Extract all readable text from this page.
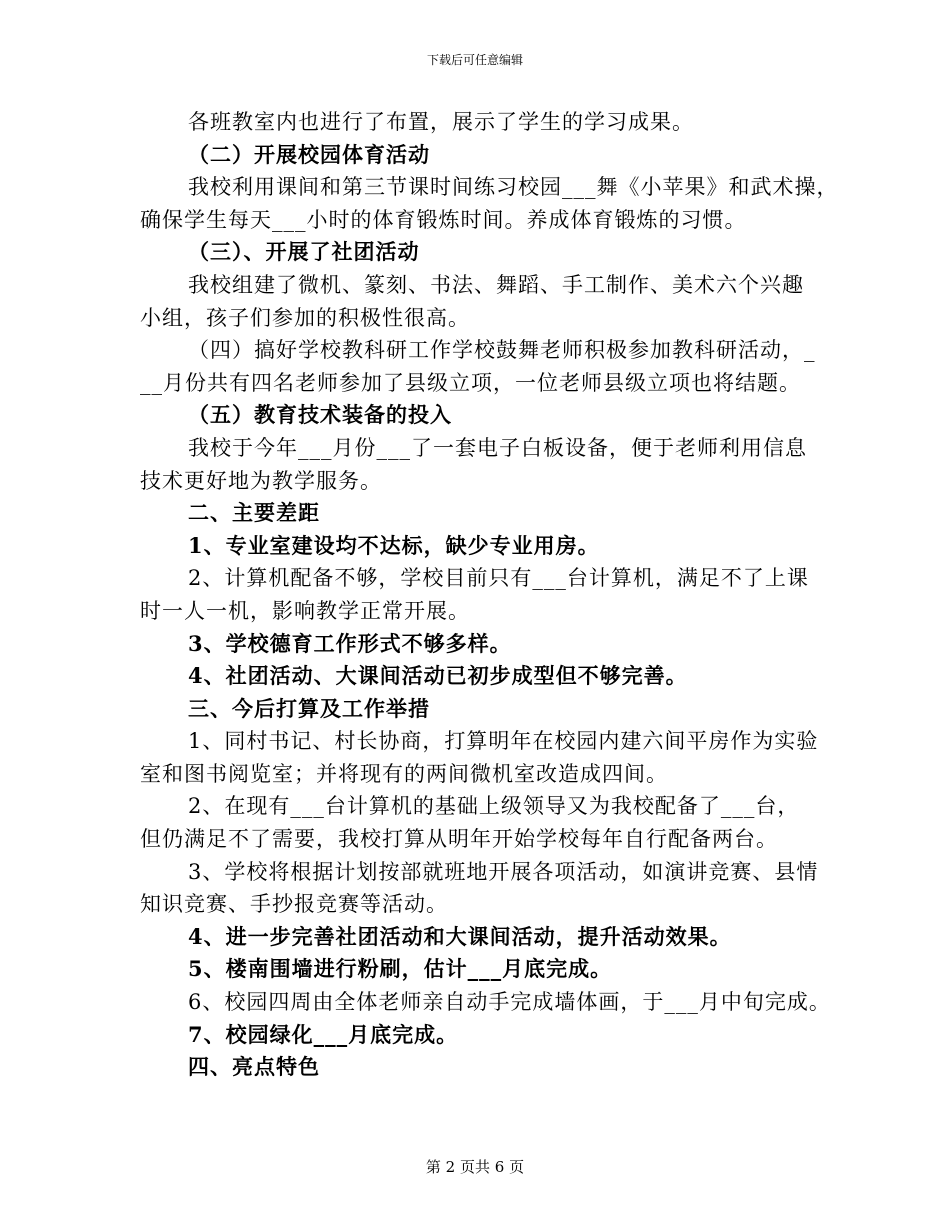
下载后可任意编辑
各班教室内也进行了布置，展示了学生的学习成果。
（二）开展校园体育活动
我校利用课间和第三节课时间练习校园___舞《小苹果》和武术操，
确保学生每天___小时的体育锻炼时间。养成体育锻炼的习惯。
（三）、开展了社团活动
我校组建了微机、篆刻、书法、舞蹈、手工制作、美术六个兴趣
小组，孩子们参加的积极性很高。
（四）搞好学校教科研工作学校鼓舞老师积极参加教科研活动，_
__月份共有四名老师参加了县级立项，一位老师县级立项也将结题。
（五）教育技术装备的投入
我校于今年___月份___了一套电子白板设备，便于老师利用信息
技术更好地为教学服务。
二、主要差距
1、专业室建设均不达标，缺少专业用房。
2、计算机配备不够，学校目前只有___台计算机，满足不了上课
时一人一机，影响教学正常开展。
3、学校德育工作形式不够多样。
4、社团活动、大课间活动已初步成型但不够完善。
三、今后打算及工作举措
1、同村书记、村长协商，打算明年在校园内建六间平房作为实验
室和图书阅览室；并将现有的两间微机室改造成四间。
2、在现有___台计算机的基础上级领导又为我校配备了___台，
但仍满足不了需要，我校打算从明年开始学校每年自行配备两台。
3、学校将根据计划按部就班地开展各项活动，如演讲竞赛、县情
知识竞赛、手抄报竞赛等活动。
4、进一步完善社团活动和大课间活动，提升活动效果。
5、楼南围墙进行粉刷，估计___月底完成。
6、校园四周由全体老师亲自动手完成墙体画，于___月中旬完成。
7、校园绿化___月底完成。
四、亮点特色
第 2 页共 6 页
